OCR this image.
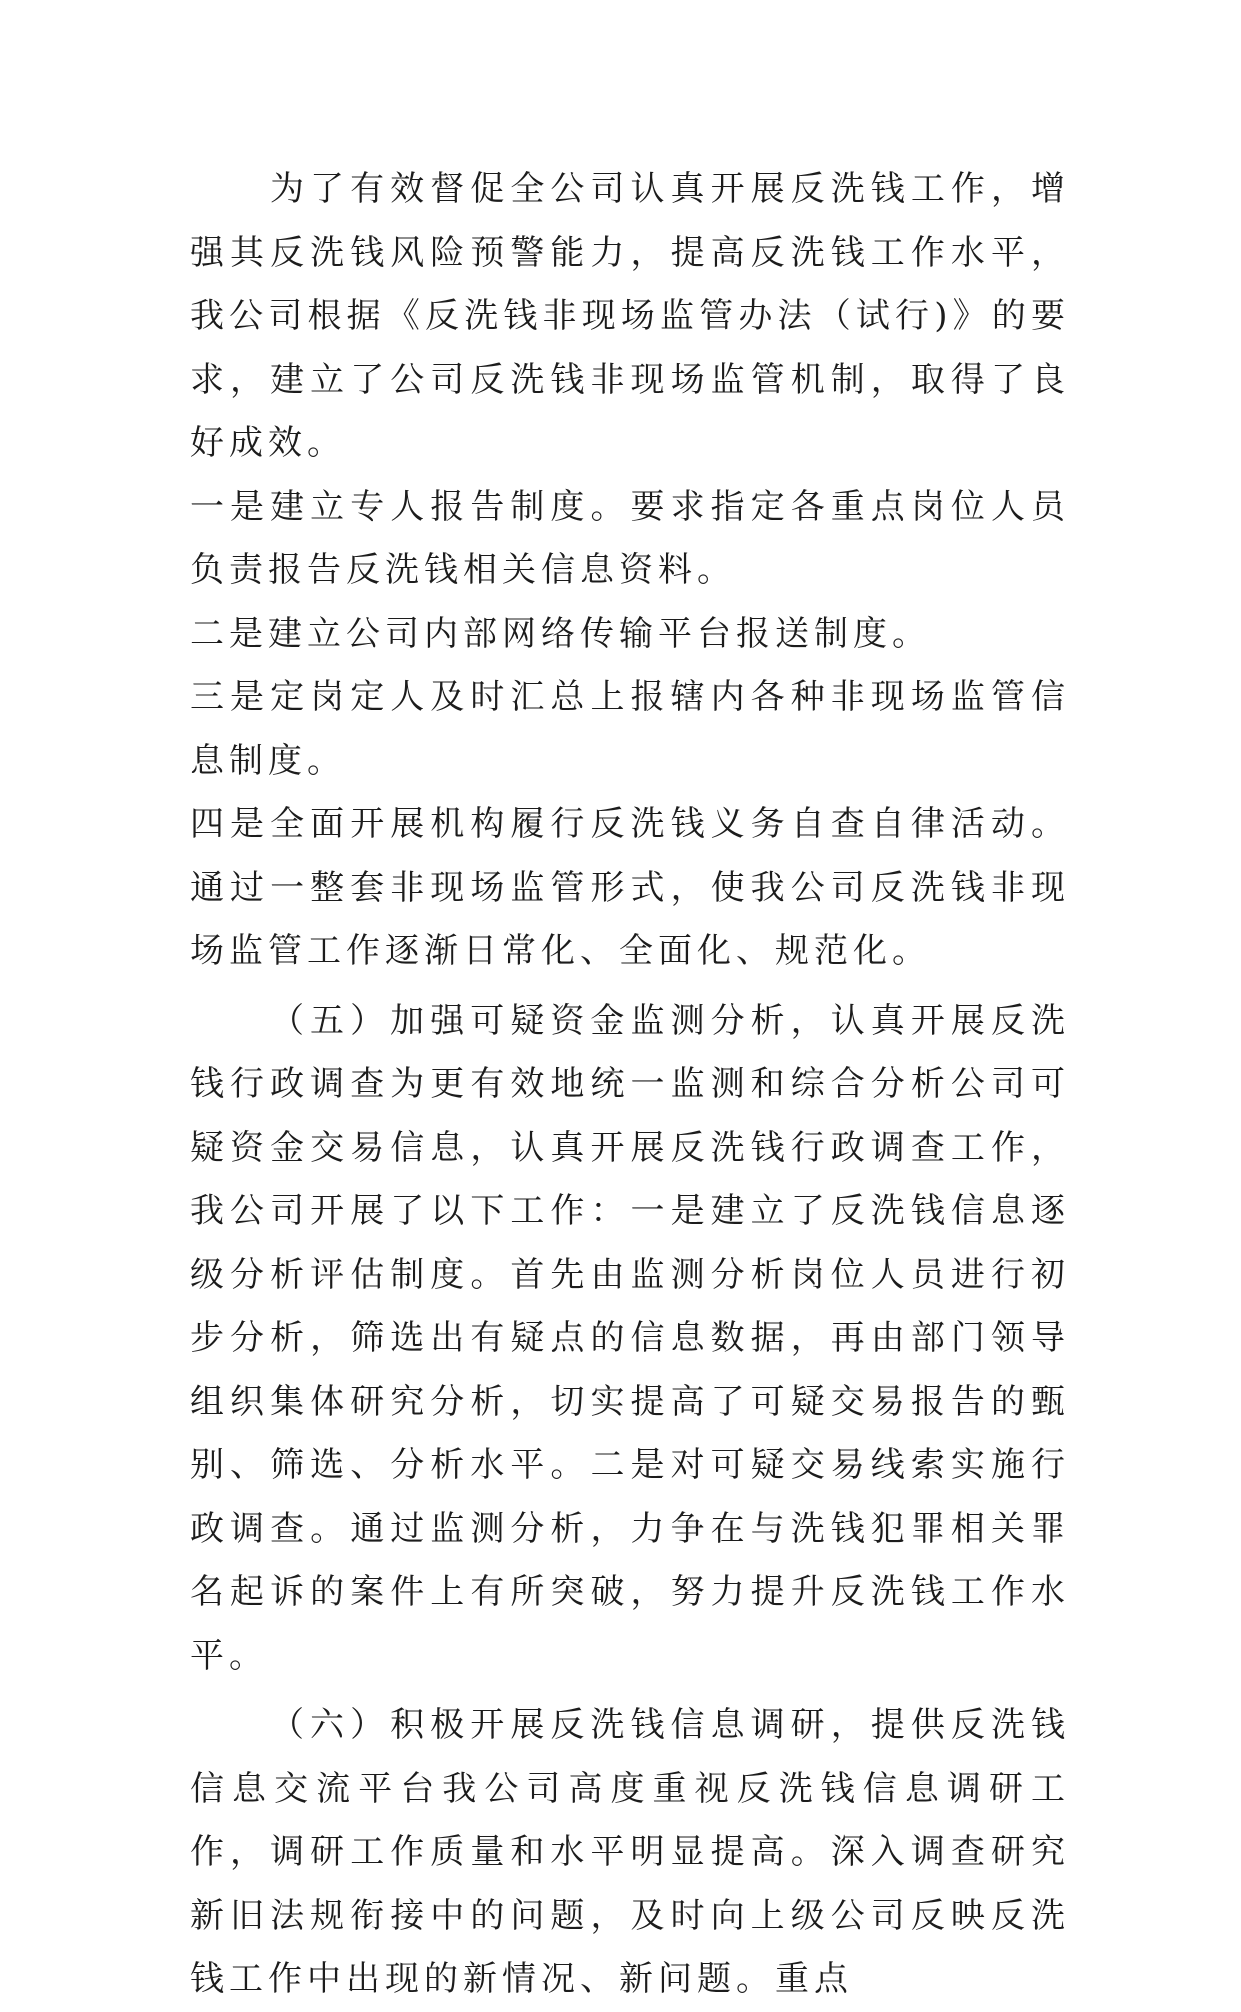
为了有效督促全公司认真开展反洗钱工作，增强其反洗钱风险预警能力，提高反洗钱工作水平，我公司根据《反洗钱非现场监管办法（试行)》的要求，建立了公司反洗钱非现场监管机制，取得了良好成效。

一是建立专人报告制度。要求指定各重点岗位人员负责报告反洗钱相关信息资料。

二是建立公司内部网络传输平台报送制度。

三是定岗定人及时汇总上报辖内各种非现场监管信息制度。

四是全面开展机构履行反洗钱义务自查自律活动。通过一整套非现场监管形式，使我公司反洗钱非现场监管工作逐渐日常化、全面化、规范化。

（五）加强可疑资金监测分析，认真开展反洗钱行政调查为更有效地统一监测和综合分析公司可疑资金交易信息，认真开展反洗钱行政调查工作，我公司开展了以下工作：一是建立了反洗钱信息逐级分析评估制度。首先由监测分析岗位人员进行初步分析，筛选出有疑点的信息数据，再由部门领导组织集体研究分析，切实提高了可疑交易报告的甄别、筛选、分析水平。二是对可疑交易线索实施行政调查。通过监测分析，力争在与洗钱犯罪相关罪名起诉的案件上有所突破，努力提升反洗钱工作水平。

（六）积极开展反洗钱信息调研，提供反洗钱信息交流平台我公司高度重视反洗钱信息调研工作，调研工作质量和水平明显提高。深入调查研究新旧法规衔接中的问题，及时向上级公司反映反洗钱工作中出现的新情况、新问题。重点
